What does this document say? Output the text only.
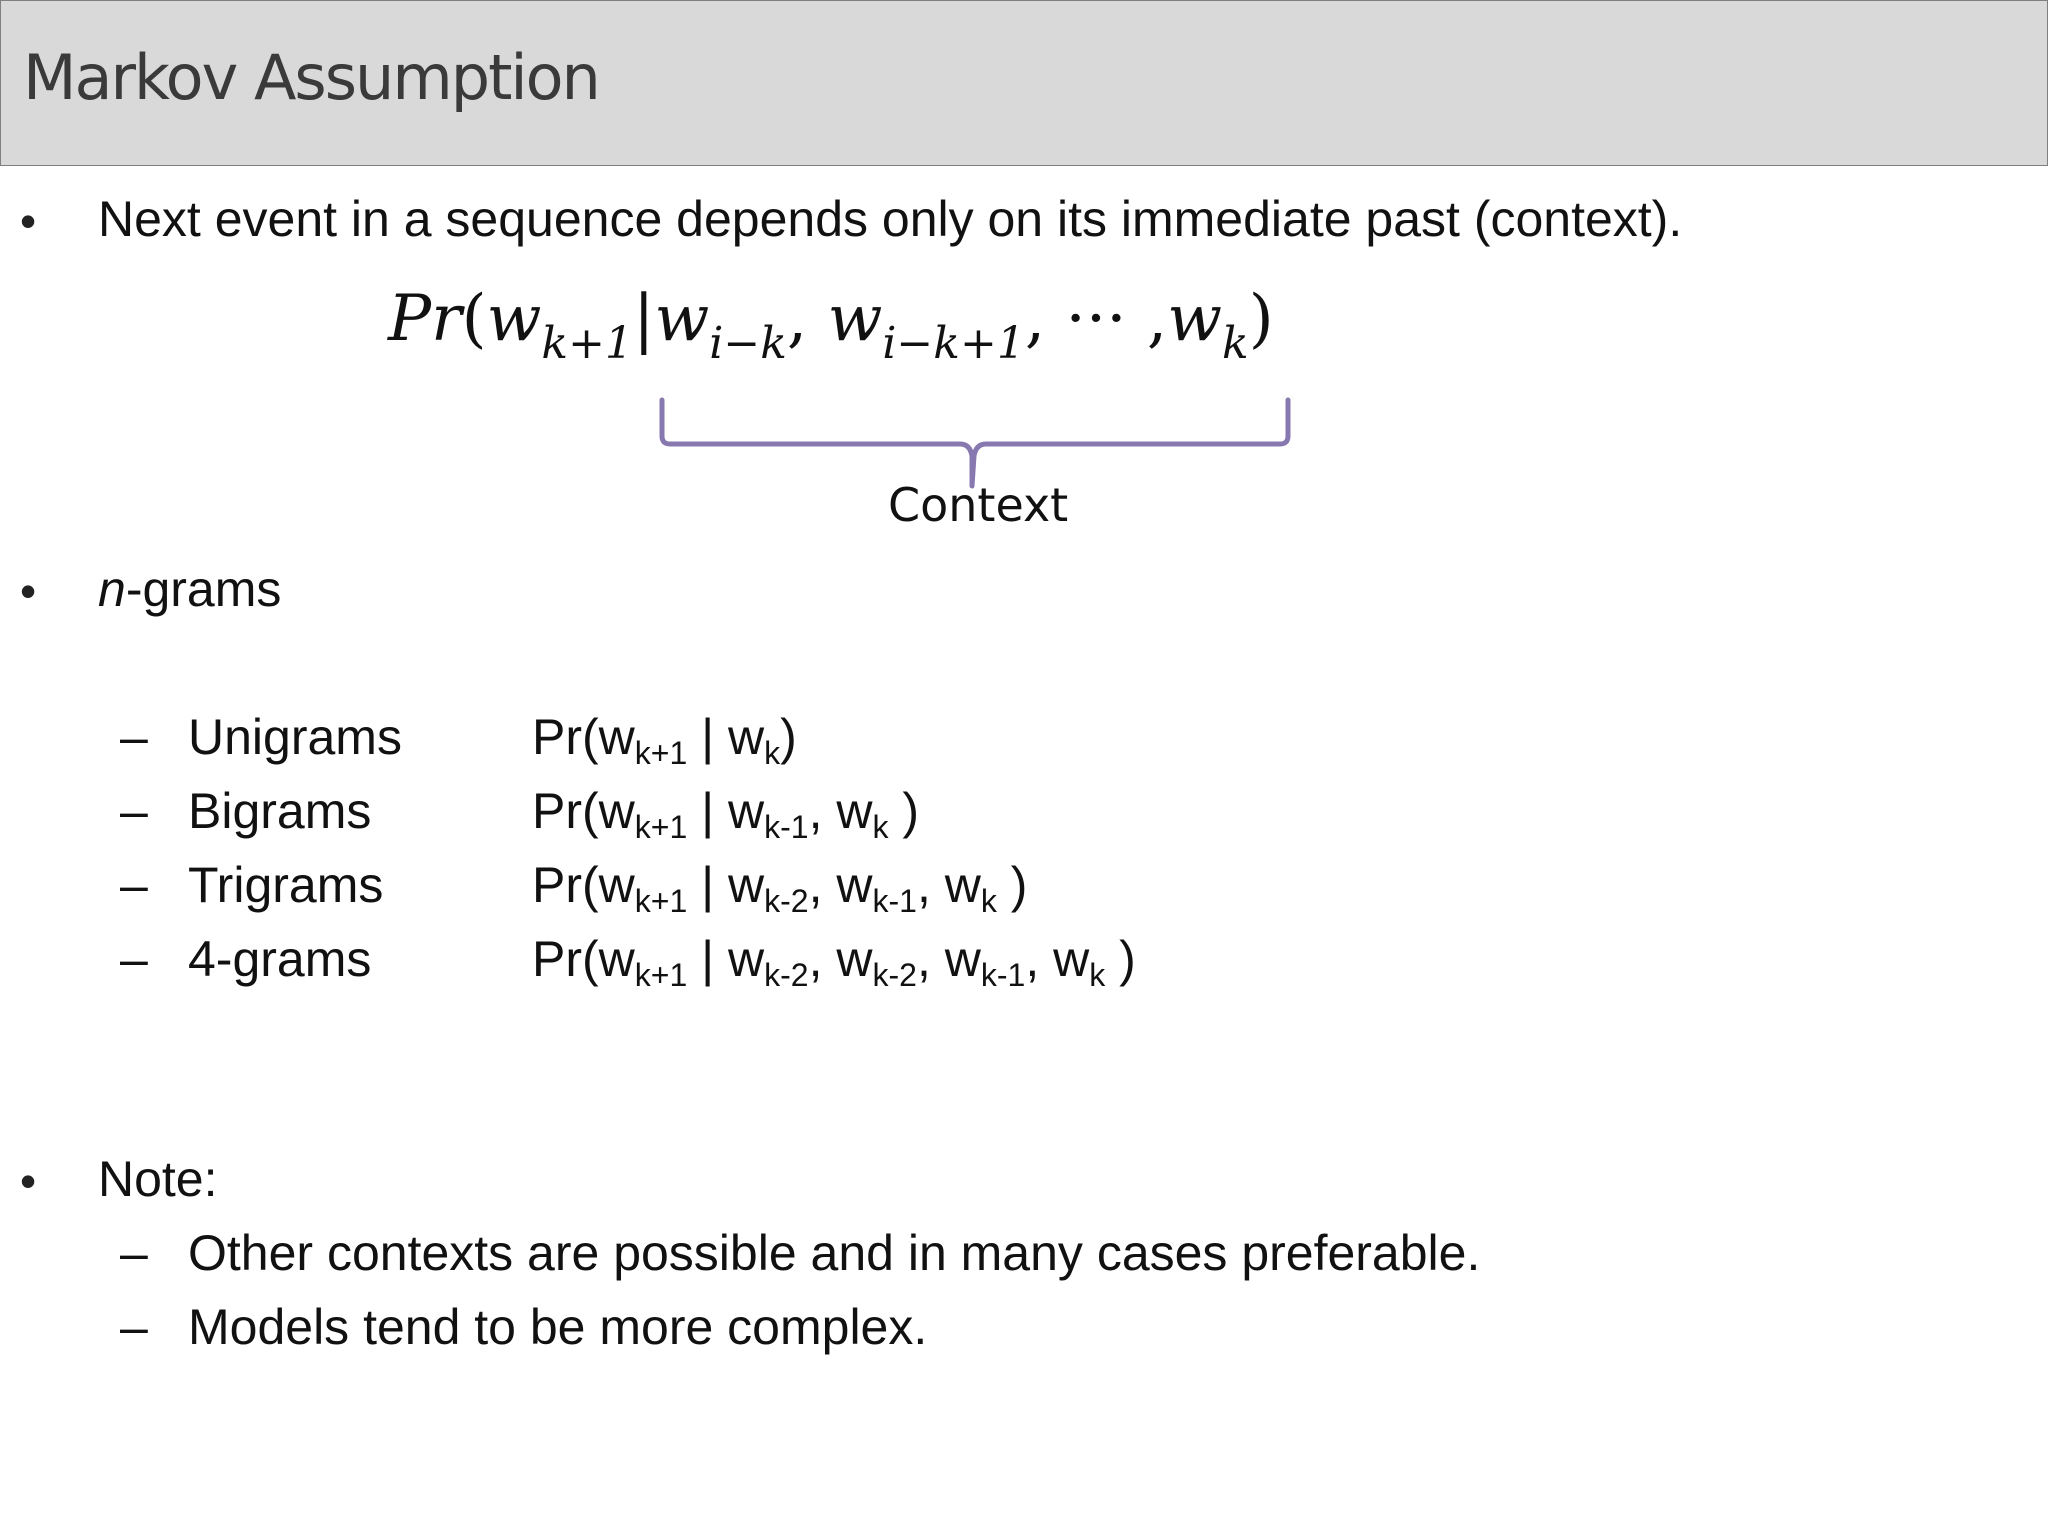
Markov Assumption
• Next event in a sequence depends only on its immediate past (context).
$Pr(w_{k+1}|w_{i-k}$, $w_{i-k+1}$, ··· $,w_k$)
Context
• n-grams
– Unigrams	$Pr(w_{k+1}$ | $w_k$)
– Bigrams	$Pr(w_{k+1}$ | $w_{k-1}$, $w_k$ )
– Trigrams	$Pr(w_{k+1}$ | $w_{k-2}$, $w_{k-1}$, $w_k$ )
– 4-grams	$Pr(w_{k+1}$ | $w_{k-2}$, $w_{k-2}$, $w_{k-1}$, $w_k$ )
• Note:
– Other contexts are possible and in many cases preferable.
– Models tend to be more complex.
